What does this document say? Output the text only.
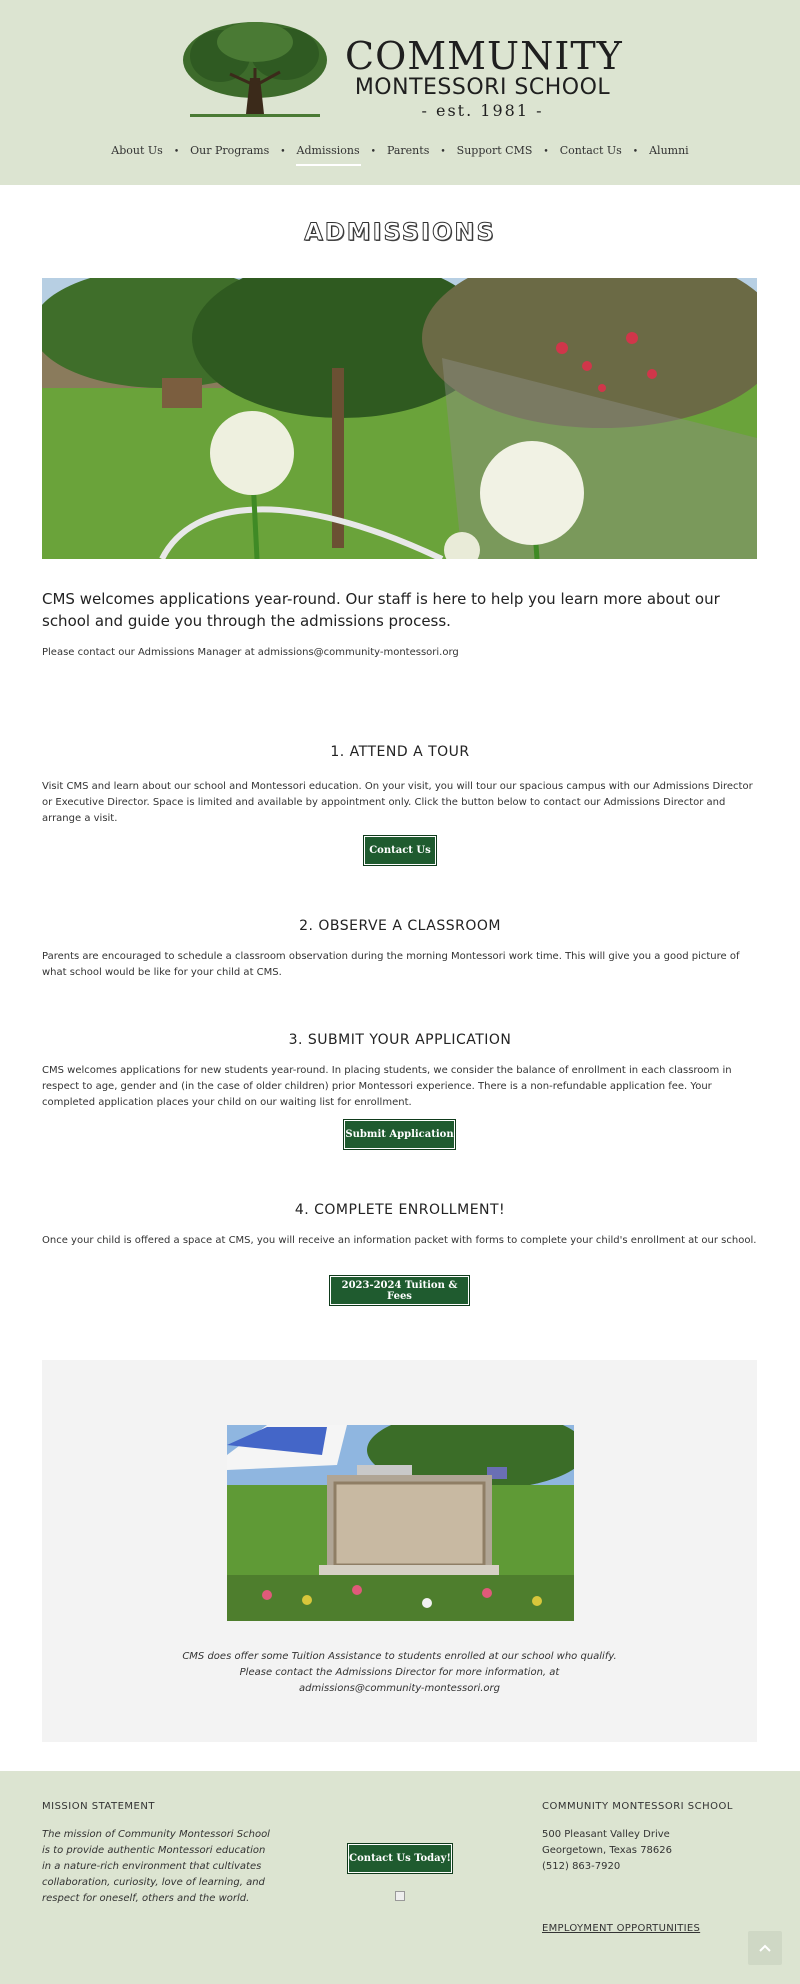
COMMUNITY
MONTESSORI SCHOOL
- est. 1981 -
About Us • Our Programs • Admissions • Parents • Support CMS • Contact Us • Alumni
ADMISSIONS
CMS welcomes applications year-round. Our staff is here to help you learn more about our school and guide you through the admissions process.
Please contact our Admissions Manager at admissions@community-montessori.org
1. ATTEND A TOUR
Visit CMS and learn about our school and Montessori education. On your visit, you will tour our spacious campus with our Admissions Director or Executive Director. Space is limited and available by appointment only. Click the button below to contact our Admissions Director and arrange a visit.
Contact Us
2. OBSERVE A CLASSROOM
Parents are encouraged to schedule a classroom observation during the morning Montessori work time. This will give you a good picture of what school would be like for your child at CMS.
3. SUBMIT YOUR APPLICATION
CMS welcomes applications for new students year-round. In placing students, we consider the balance of enrollment in each classroom in respect to age, gender and (in the case of older children) prior Montessori experience. There is a non-refundable application fee. Your completed application places your child on our waiting list for enrollment.
Submit Application
4. COMPLETE ENROLLMENT!
Once your child is offered a space at CMS, you will receive an information packet with forms to complete your child's enrollment at our school.
2023-2024 Tuition & Fees
CMS does offer some Tuition Assistance to students enrolled at our school who qualify.
Please contact the Admissions Director for more information, at
admissions@community-montessori.org
MISSION STATEMENT
The mission of Community Montessori School is to provide authentic Montessori education in a nature-rich environment that cultivates collaboration, curiosity, love of learning, and respect for oneself, others and the world.
Contact Us Today!
COMMUNITY MONTESSORI SCHOOL
500 Pleasant Valley Drive
Georgetown, Texas 78626
(512) 863-7920
EMPLOYMENT OPPORTUNITIES
